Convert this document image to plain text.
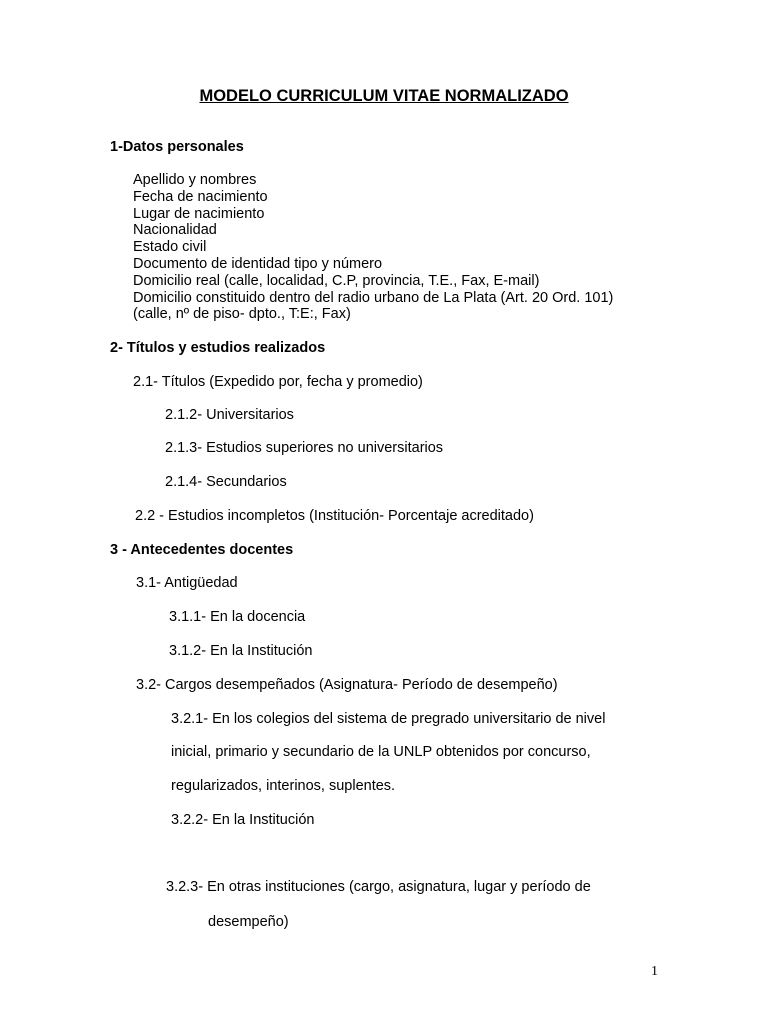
MODELO CURRICULUM VITAE NORMALIZADO
1-Datos personales
Apellido y nombres
Fecha de nacimiento
Lugar de nacimiento
Nacionalidad
Estado civil
Documento de identidad tipo y número
Domicilio real (calle, localidad, C.P, provincia, T.E., Fax, E-mail)
Domicilio constituido dentro del radio urbano de La Plata (Art. 20 Ord. 101)
(calle, nº de piso- dpto., T:E:, Fax)
2- Títulos y estudios realizados
2.1- Títulos (Expedido por, fecha y promedio)
2.1.2- Universitarios
2.1.3- Estudios superiores no universitarios
2.1.4- Secundarios
2.2 - Estudios incompletos (Institución- Porcentaje acreditado)
3 - Antecedentes docentes
3.1- Antigüedad
3.1.1- En la docencia
3.1.2- En la Institución
3.2- Cargos desempeñados (Asignatura- Período de desempeño)
3.2.1- En los colegios del sistema de pregrado universitario de nivel
inicial, primario y secundario de la UNLP obtenidos por concurso,
regularizados, interinos, suplentes.
3.2.2- En la Institución
3.2.3- En otras instituciones (cargo, asignatura, lugar y período de
desempeño)
1
